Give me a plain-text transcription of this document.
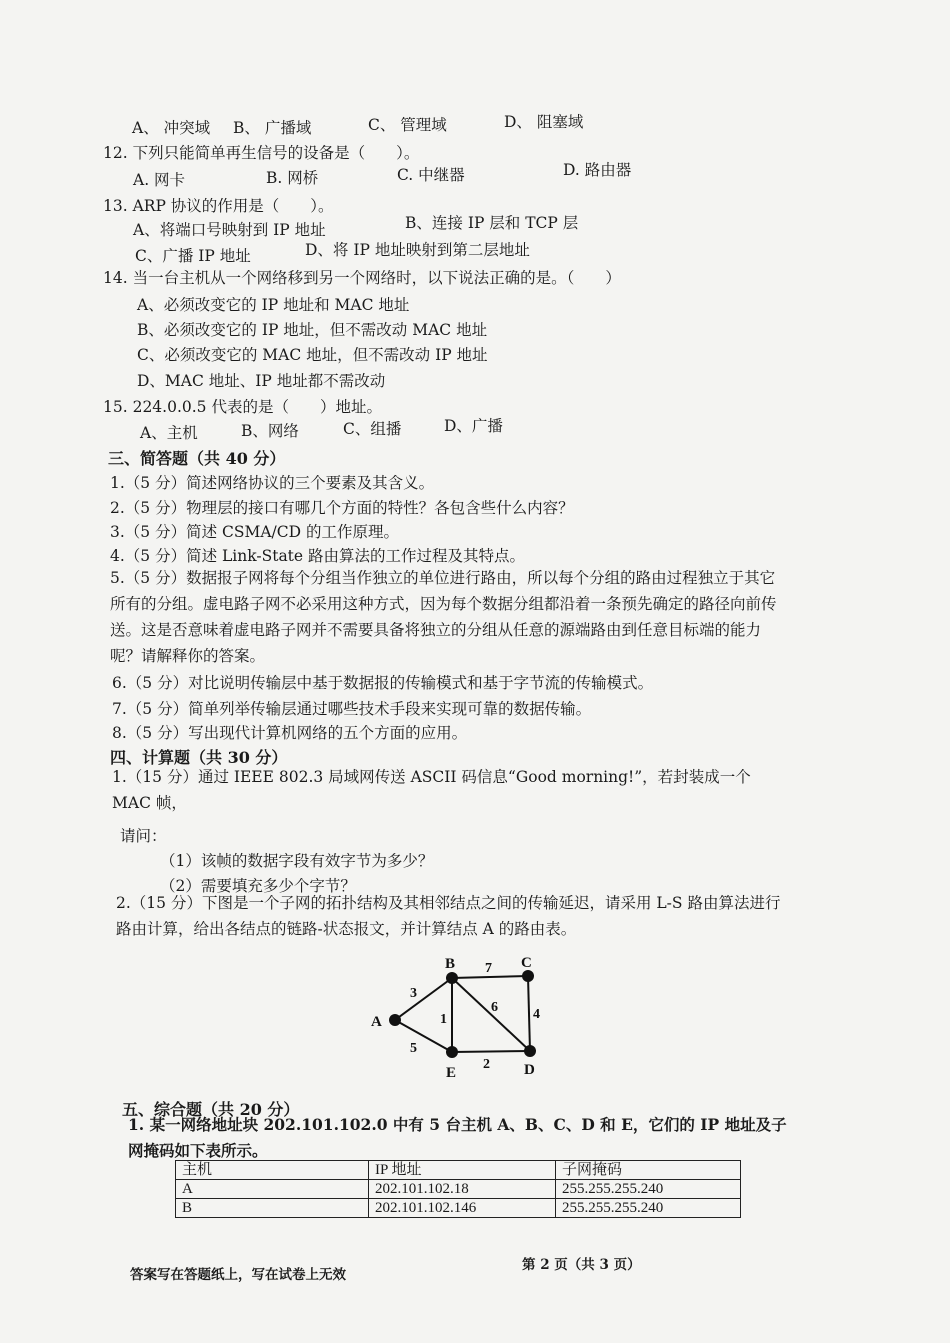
A、 冲突域 B、 广播域	C、 管理域	D、 阻塞域
12. 下列只能简单再生信号的设备是（　　）。
A. 网卡	B. 网桥	C. 中继器	D. 路由器
13. ARP 协议的作用是（　　）。
A、将端口号映射到 IP 地址	B、连接 IP 层和 TCP 层
C、广播 IP 地址	D、将 IP 地址映射到第二层地址
14. 当一台主机从一个网络移到另一个网络时，以下说法正确的是。（　　）
A、必须改变它的 IP 地址和 MAC 地址
B、必须改变它的 IP 地址，但不需改动 MAC 地址
C、必须改变它的 MAC 地址，但不需改动 IP 地址
D、MAC 地址、IP 地址都不需改动
15. 224.0.0.5 代表的是（　　）地址。
A、主机	B、网络	C、组播	D、广播
三、简答题（共 40 分）
1.（5 分）简述网络协议的三个要素及其含义。
2.（5 分）物理层的接口有哪几个方面的特性？各包含些什么内容？
3.（5 分）简述 CSMA/CD 的工作原理。
4.（5 分）简述 Link-State 路由算法的工作过程及其特点。
5.（5 分）数据报子网将每个分组当作独立的单位进行路由，所以每个分组的路由过程独立于其它所有的分组。虚电路子网不必采用这种方式，因为每个数据分组都沿着一条预先确定的路径向前传送。这是否意味着虚电路子网并不需要具备将独立的分组从任意的源端路由到任意目标端的能力呢？请解释你的答案。
6.（5 分）对比说明传输层中基于数据报的传输模式和基于字节流的传输模式。
7.（5 分）简单列举传输层通过哪些技术手段来实现可靠的数据传输。
8.（5 分）写出现代计算机网络的五个方面的应用。
四、计算题（共 30 分）
1.（15 分）通过 IEEE 802.3 局域网传送 ASCII 码信息“Good morning!”，若封装成一个 MAC 帧，
请问：
（1）该帧的数据字段有效字节为多少？
（2）需要填充多少个字节？
2.（15 分）下图是一个子网的拓扑结构及其相邻结点之间的传输延迟，请采用 L-S 路由算法进行路由计算，给出各结点的链路-状态报文，并计算结点 A 的路由表。
A
B	C
D
E
3
5
1
7
6	4
2
五、综合题（共 20 分）
1. 某一网络地址块 202.101.102.0 中有 5 台主机 A、B、C、D 和 E，它们的 IP 地址及子网掩码如下表所示。
主机	IP 地址	子网掩码
A	202.101.102.18	255.255.255.240
B	202.101.102.146	255.255.255.240
答案写在答题纸上，写在试卷上无效
第 2 页（共 3 页）
